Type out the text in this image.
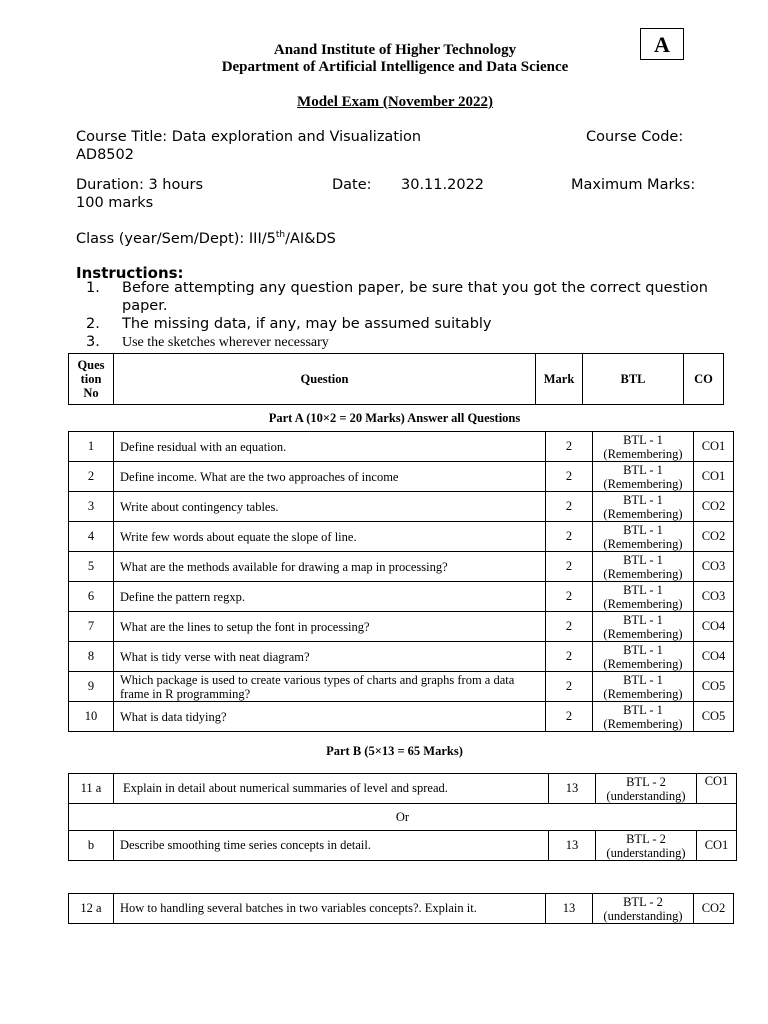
A
Anand Institute of Higher Technology
Department of Artificial Intelligence and Data Science
Model Exam (November 2022)
Course Title: Data exploration and Visualization	Course Code:
AD8502
Duration: 3 hours	Date: 30.11.2022	Maximum Marks:
100 marks
Class (year/Sem/Dept): III/5th/AI&DS
Instructions:
1. Before attempting any question paper, be sure that you got the correct question
paper.
2. The missing data, if any, may be assumed suitably
3. Use the sketches wherever necessary
Ques
tion
No	Question	Mark	BTL	CO
Part A (10×2 = 20 Marks) Answer all Questions
1	Define residual with an equation.	2	BTL - 1
(Remembering)	CO1
2	Define income. What are the two approaches of income	2	BTL - 1
(Remembering)	CO1
3	Write about contingency tables.	2	BTL - 1
(Remembering)	CO2
4	Write few words about equate the slope of line.	2	BTL - 1
(Remembering)	CO2
5	What are the methods available for drawing a map in processing?	2	BTL - 1
(Remembering)	CO3
6	Define the pattern regxp.	2	BTL - 1
(Remembering)	CO3
7	What are the lines to setup the font in processing?	2	BTL - 1
(Remembering)	CO4
8	What is tidy verse with neat diagram?	2	BTL - 1
(Remembering)	CO4
9	Which package is used to create various types of charts and graphs from a data frame in R programming?	2	BTL - 1
(Remembering)	CO5
10	What is data tidying?	2	BTL - 1
(Remembering)	CO5
Part B (5×13 = 65 Marks)
11 a	Explain in detail about numerical summaries of level and spread.	13	BTL - 2
(understanding)	CO1
Or				
b	Describe smoothing time series concepts in detail.	13	BTL - 2
(understanding)	CO1
12 a	How to handling several batches in two variables concepts?. Explain it.	13	BTL - 2
(understanding)	CO2
